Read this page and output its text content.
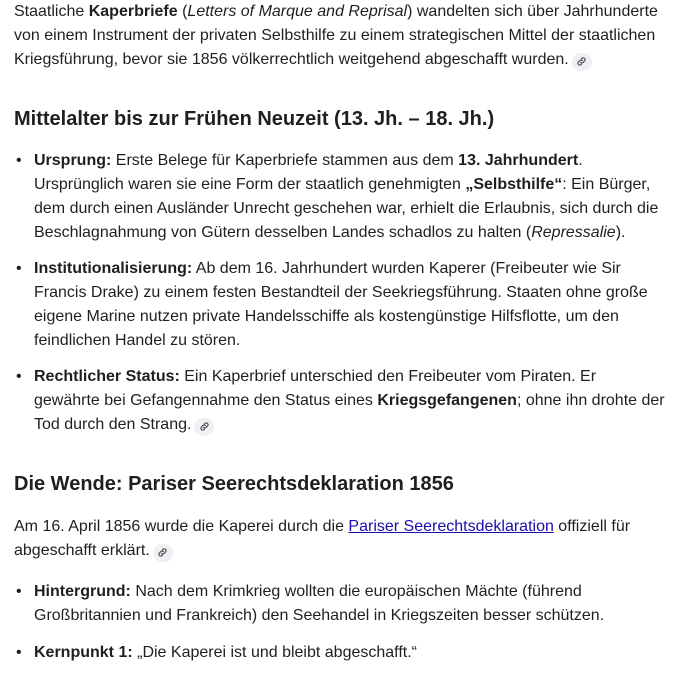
Staatliche Kaperbriefe (Letters of Marque and Reprisal) wandelten sich über Jahrhunderte von einem Instrument der privaten Selbsthilfe zu einem strategischen Mittel der staatlichen Kriegsführung, bevor sie 1856 völkerrechtlich weitgehend abgeschafft wurden.

Mittelalter bis zur Frühen Neuzeit (13. Jh. – 18. Jh.)
• Ursprung: Erste Belege für Kaperbriefe stammen aus dem 13. Jahrhundert. Ursprünglich waren sie eine Form der staatlich genehmigten „Selbsthilfe“: Ein Bürger, dem durch einen Ausländer Unrecht geschehen war, erhielt die Erlaubnis, sich durch die Beschlagnahmung von Gütern desselben Landes schadlos zu halten (Repressalie).
• Institutionalisierung: Ab dem 16. Jahrhundert wurden Kaperer (Freibeuter wie Sir Francis Drake) zu einem festen Bestandteil der Seekriegsführung. Staaten ohne große eigene Marine nutzen private Handelsschiffe als kostengünstige Hilfsflotte, um den feindlichen Handel zu stören.
• Rechtlicher Status: Ein Kaperbrief unterschied den Freibeuter vom Piraten. Er gewährte bei Gefangennahme den Status eines Kriegsgefangenen; ohne ihn drohte der Tod durch den Strang.
Die Wende: Pariser Seerechtsdeklaration 1856

Am 16. April 1856 wurde die Kaperei durch die Pariser Seerechtsdeklaration offiziell für abgeschafft erklärt.

• Hintergrund: Nach dem Krimkrieg wollten die europäischen Mächte (führend Großbritannien und Frankreich) den Seehandel in Kriegszeiten besser schützen.
• Kernpunkt 1: „Die Kaperei ist und bleibt abgeschafft.“
